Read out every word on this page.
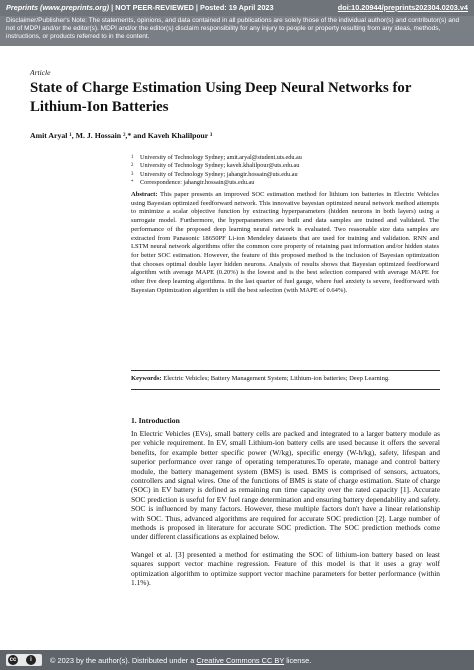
Preprints (www.preprints.org) | NOT PEER-REVIEWED | Posted: 19 April 2023	doi:10.20944/preprints202304.0203.v4
Disclaimer/Publisher's Note: The statements, opinions, and data contained in all publications are solely those of the individual author(s) and contributor(s) and not of MDPI and/or the editor(s). MDPI and/or the editor(s) disclaim responsibility for any injury to people or property resulting from any ideas, methods, instructions, or products referred to in the content.
Article
State of Charge Estimation Using Deep Neural Networks for Lithium-Ion Batteries
Amit Aryal ¹, M. J. Hossain ²,* and Kaveh Khalilpour ³
1 University of Technology Sydney; amit.aryal@student.uts.edu.au
2 University of Technology Sydney; kaveh.khalilpour@uts.edu.au
3 University of Technology Sydney; jahangir.hossain@uts.edu.au
* Correspondence: jahangir.hossain@uts.edu.au
Abstract: This paper presents an improved SOC estimation method for lithium ion batteries in Electric Vehicles using Bayesian optimized feedforward network. This innovative bayesian optimized neural network method attempts to minimize a scalar objective function by extracting hyperparameters (hidden neurons in both layers) using a surrogate model. Furthermore, the hyperparameters are built and data samples are trained and validated. The performance of the proposed deep learning neural network is evaluated. Two reasonable size data samples are extracted from Panasonic 18650PF Li-ion Mendeley datasets that are used for training and validation. RNN and LSTM neural network algorithms offer the common core property of retaining past information and/or hidden states for better SOC estimation. However, the feature of this proposed method is the inclusion of Bayesian optimization that chooses optimal double layer hidden neurons. Analysis of results shows that Bayesian optimized feedforward algorithm with average MAPE (0.20%) is the lowest and is the best selection compared with average MAPE for other five deep learning algorithms. In the last quarter of fuel gauge, where fuel anxiety is severe, feedforward with Bayesian Optimization algorithm is still the best selection (with MAPE of 0.64%).
Keywords: Electric Vehicles; Battery Management System; Lithium-ion batteries; Deep Learning.
1. Introduction
In Electric Vehicles (EVs), small battery cells are packed and integrated to a larger battery module as per vehicle requirement. In EV, small Lithium-ion battery cells are used because it offers the several benefits, for example better specific power (W/kg), specific energy (W-h/kg), safety, lifespan and superior performance over range of operating temperatures.To operate, manage and control battery module, the battery management system (BMS) is used. BMS is comprised of sensors, actuators, controllers and signal wires. One of the functions of BMS is state of charge estimation. State of charge (SOC) in EV battery is defined as remaining run time capacity over the rated capacity [1]. Accurate SOC prediction is useful for EV fuel range determination and ensuring battery dependability and safety. SOC is influenced by many factors. However, these multiple factors don't have a linear relationship with SOC. Thus, advanced algorithms are required for accurate SOC prediction [2]. Large number of methods is proposed in literature for accurate SOC prediction. The SOC prediction methods come under different classifications as explained below.
Wangel et al. [3] presented a method for estimating the SOC of lithium-ion battery based on least squares support vector machine regression. Feature of this model is that it uses a gray wolf optimization algorithm to optimize support vector machine parameters for better performance (within 1.1%).
cc	i	© 2023 by the author(s). Distributed under a Creative Commons CC BY license.
